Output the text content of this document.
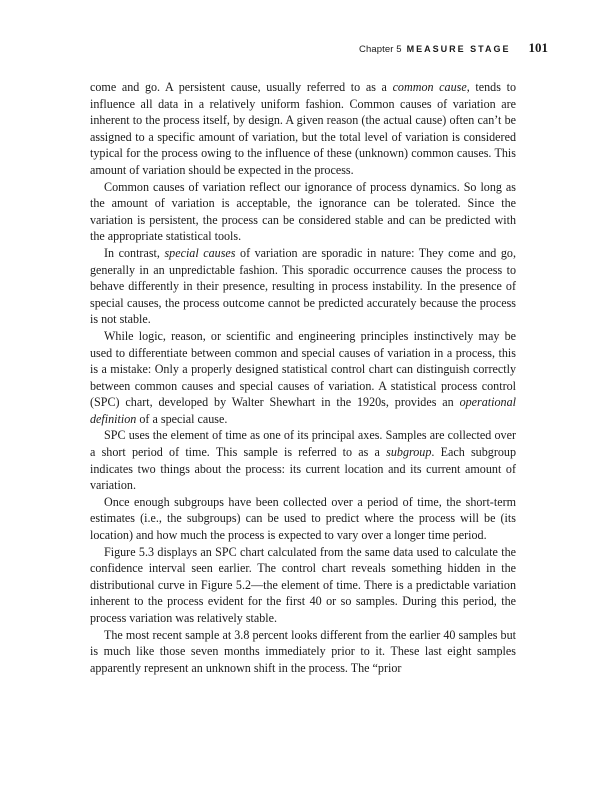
Chapter 5 MEASURE STAGE 101

come and go. A persistent cause, usually referred to as a common cause, tends to influence all data in a relatively uniform fashion. Common causes of variation are inherent to the process itself, by design. A given reason (the actual cause) often can’t be assigned to a specific amount of variation, but the total level of variation is considered typical for the process owing to the influence of these (unknown) common causes. This amount of variation should be expected in the process.

Common causes of variation reflect our ignorance of process dynamics. So long as the amount of variation is acceptable, the ignorance can be tolerated. Since the variation is persistent, the process can be considered stable and can be predicted with the appropriate statistical tools.

In contrast, special causes of variation are sporadic in nature: They come and go, generally in an unpredictable fashion. This sporadic occurrence causes the process to behave differently in their presence, resulting in process instability. In the presence of special causes, the process outcome cannot be predicted accurately because the process is not stable.

While logic, reason, or scientific and engineering principles instinctively may be used to differentiate between common and special causes of variation in a process, this is a mistake: Only a properly designed statistical control chart can distinguish correctly between common causes and special causes of variation. A statistical process control (SPC) chart, developed by Walter Shewhart in the 1920s, provides an operational definition of a special cause.

SPC uses the element of time as one of its principal axes. Samples are collected over a short period of time. This sample is referred to as a subgroup. Each subgroup indicates two things about the process: its current location and its current amount of variation.

Once enough subgroups have been collected over a period of time, the short-term estimates (i.e., the subgroups) can be used to predict where the process will be (its location) and how much the process is expected to vary over a longer time period.

Figure 5.3 displays an SPC chart calculated from the same data used to calculate the confidence interval seen earlier. The control chart reveals something hidden in the distributional curve in Figure 5.2—the element of time. There is a predictable variation inherent to the process evident for the first 40 or so samples. During this period, the process variation was relatively stable.

The most recent sample at 3.8 percent looks different from the earlier 40 samples but is much like those seven months immediately prior to it. These last eight samples apparently represent an unknown shift in the process. The “prior
